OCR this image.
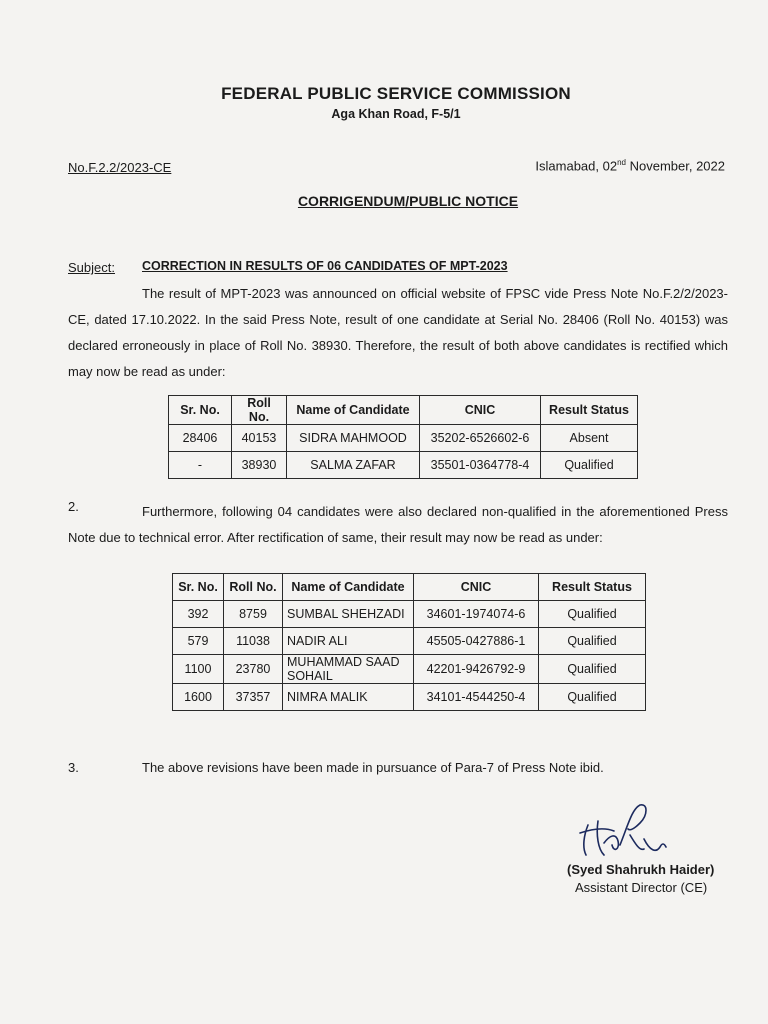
FEDERAL PUBLIC SERVICE COMMISSION
Aga Khan Road, F-5/1
No.F.2.2/2023-CE	Islamabad, 02nd November, 2022
CORRIGENDUM/PUBLIC NOTICE
Subject: CORRECTION IN RESULTS OF 06 CANDIDATES OF MPT-2023
The result of MPT-2023 was announced on official website of FPSC vide Press Note No.F.2/2/2023-CE, dated 17.10.2022. In the said Press Note, result of one candidate at Serial No. 28406 (Roll No. 40153) was declared erroneously in place of Roll No. 38930. Therefore, the result of both above candidates is rectified which may now be read as under:
Sr. No.	Roll No.	Name of Candidate	CNIC	Result Status
28406	40153	SIDRA MAHMOOD	35202-6526602-6	Absent
-	38930	SALMA ZAFAR	35501-0364778-4	Qualified
2.	Furthermore, following 04 candidates were also declared non-qualified in the aforementioned Press Note due to technical error. After rectification of same, their result may now be read as under:
Sr. No.	Roll No.	Name of Candidate	CNIC	Result Status
392	8759	SUMBAL SHEHZADI	34601-1974074-6	Qualified
579	11038	NADIR ALI	45505-0427886-1	Qualified
1100	23780	MUHAMMAD SAAD SOHAIL	42201-9426792-9	Qualified
1600	37357	NIMRA MALIK	34101-4544250-4	Qualified
3.	The above revisions have been made in pursuance of Para-7 of Press Note ibid.
(Syed Shahrukh Haider)
Assistant Director (CE)
